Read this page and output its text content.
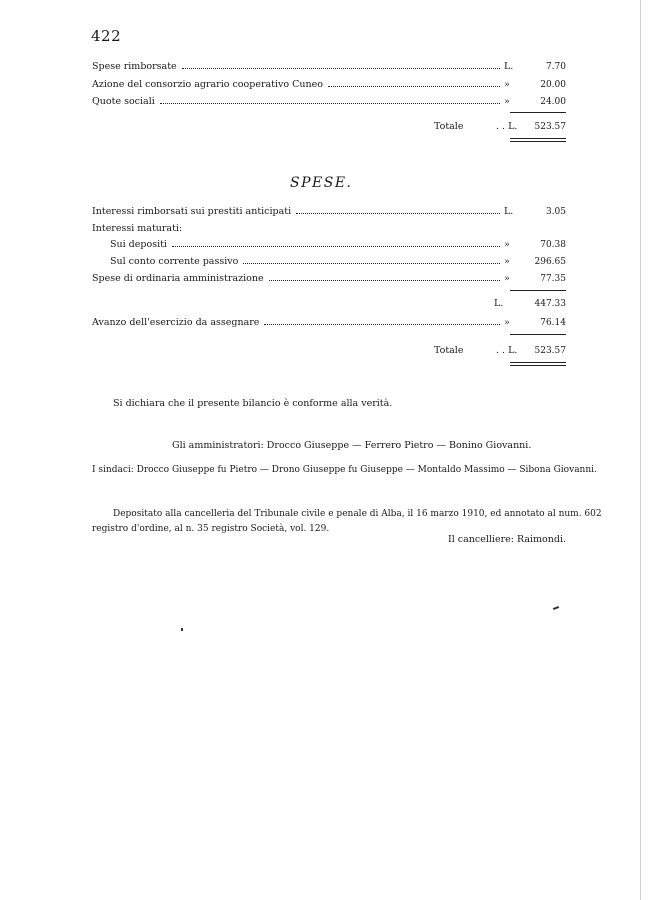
422
Spese rimborsate	L.	7.70
Azione del consorzio agrario cooperativo Cuneo	»	20.00
Quote sociali	»	24.00
Totale	. . L.	523.57
SPESE.
Interessi rimborsati sui prestiti anticipati	L.	3.05
Interessi maturati:
Sui depositi	»	70.38
Sul conto corrente passivo	»	296.65
Spese di ordinaria amministrazione	»	77.35
L.	447.33
Avanzo dell'esercizio da assegnare	»	76.14
Totale	. . L.	523.57
Si dichiara che il presente bilancio è conforme alla verità.
Gli amministratori: Drocco Giuseppe — Ferrero Pietro — Bonino Giovanni.
I sindaci: Drocco Giuseppe fu Pietro — Drono Giuseppe fu Giuseppe — Montaldo Massimo — Sibona Giovanni.
Depositato alla cancelleria del Tribunale civile e penale di Alba, il 16 marzo 1910, ed annotato al num. 602
registro d'ordine, al n. 35 registro Società, vol. 129.
Il cancelliere: Raimondi.
